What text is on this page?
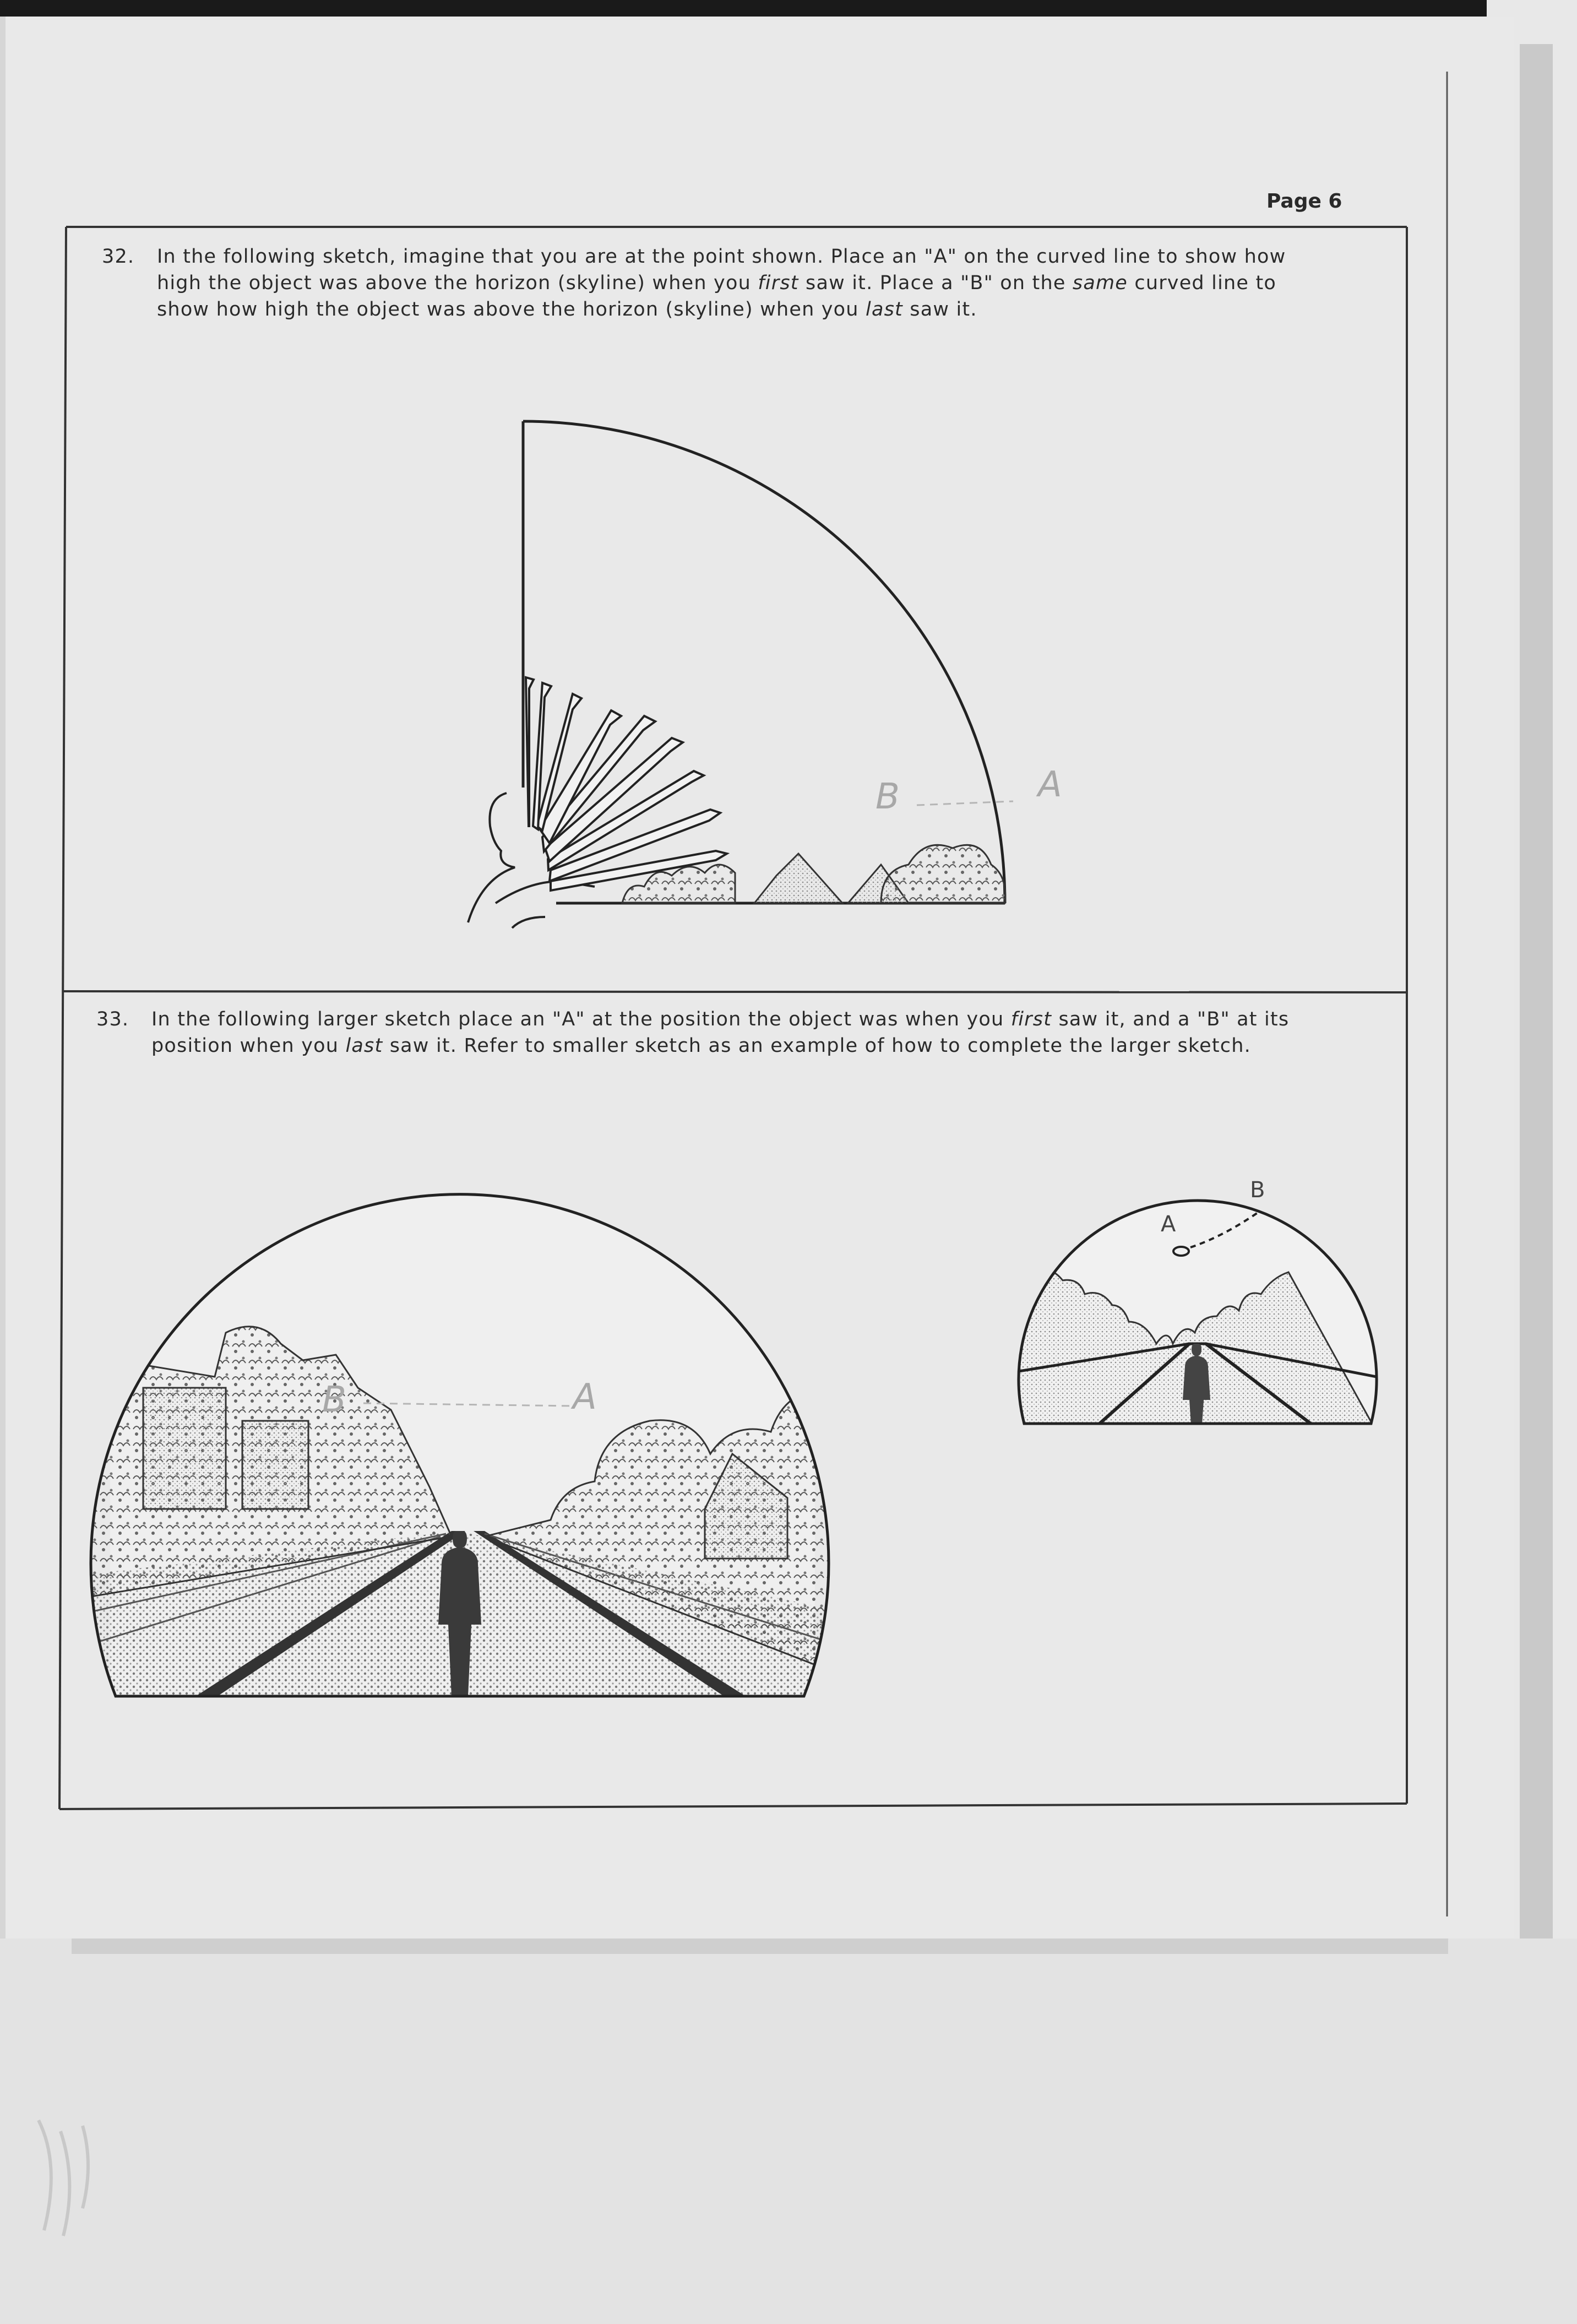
Page 6
32. In the following sketch, imagine that you are at the point shown. Place an "A" on the curved line to show how
high the object was above the horizon (skyline) when you first saw it. Place a "B" on the same curved line to
show how high the object was above the horizon (skyline) when you last saw it.
B	A
33. In the following larger sketch place an "A" at the position the object was when you first saw it, and a "B" at its
position when you last saw it. Refer to smaller sketch as an example of how to complete the larger sketch.
B	A
A
B
